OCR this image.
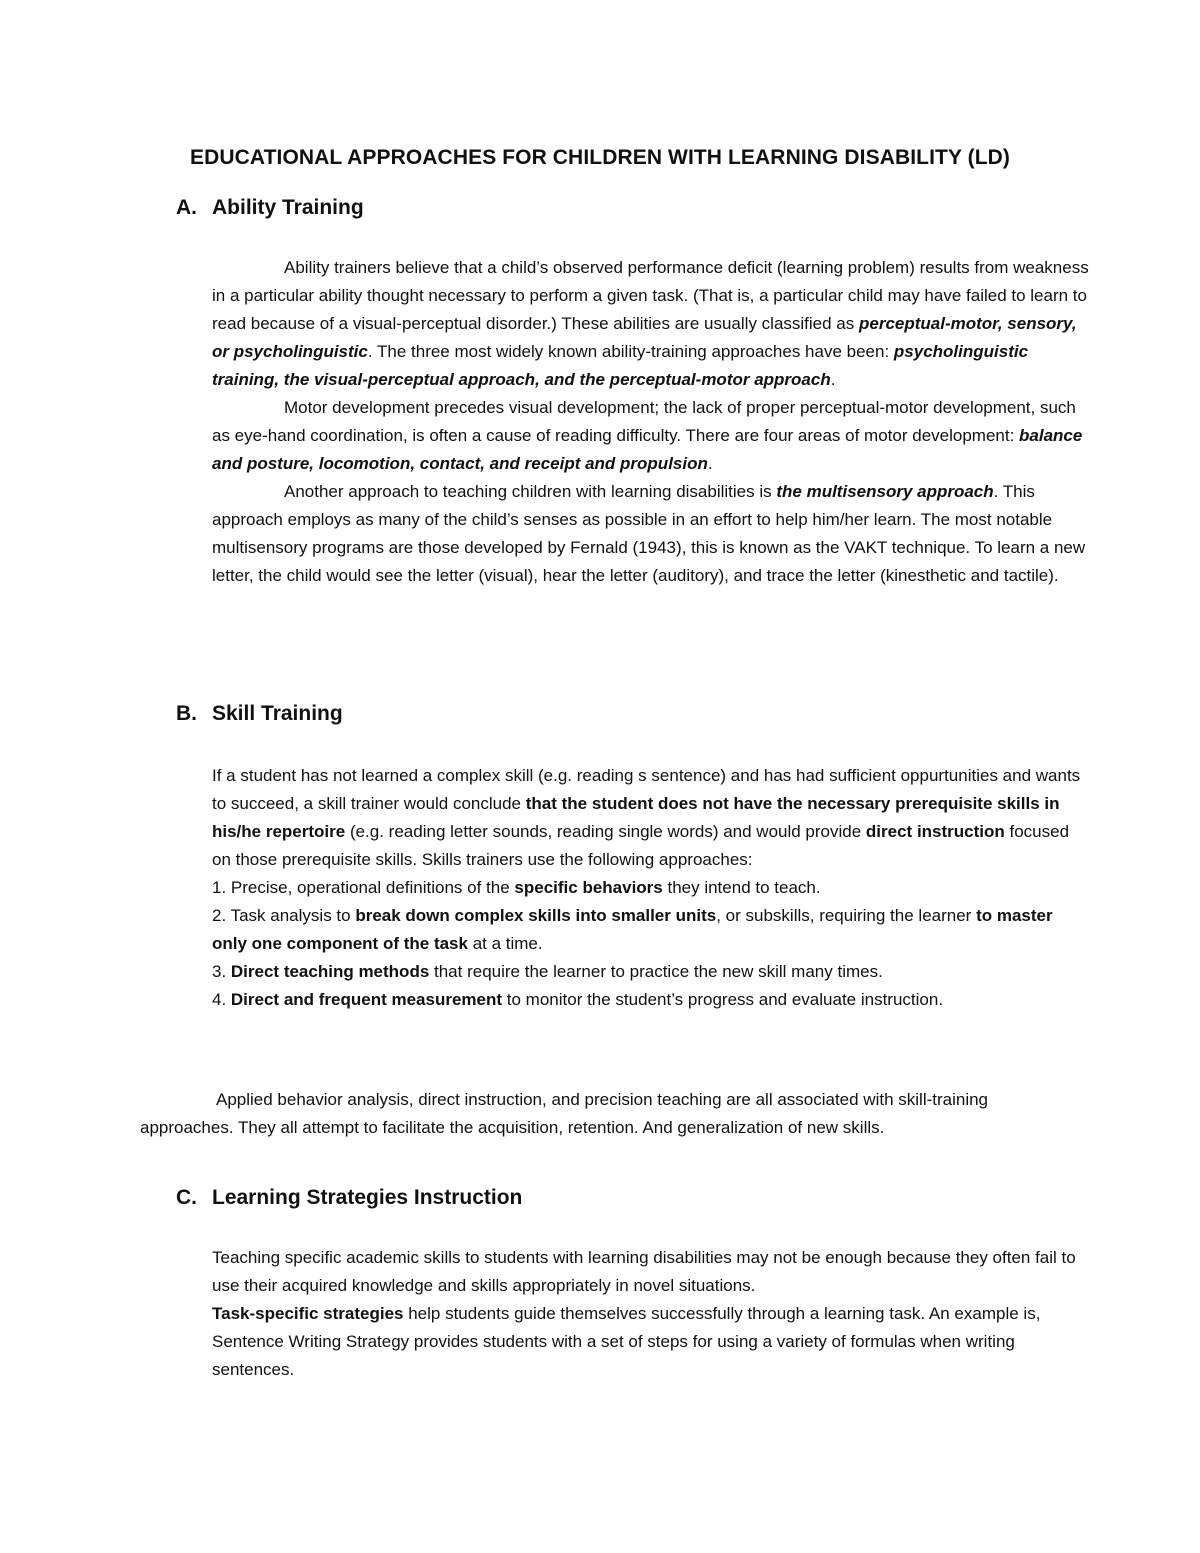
EDUCATIONAL APPROACHES FOR CHILDREN WITH LEARNING DISABILITY (LD)
A. Ability Training

Ability trainers believe that a child’s observed performance deficit (learning problem) results from weakness in a particular ability thought necessary to perform a given task. (That is, a particular child may have failed to learn to read because of a visual-perceptual disorder.) These abilities are usually classified as perceptual-motor, sensory, or psycholinguistic. The three most widely known ability-training approaches have been: psycholinguistic training, the visual-perceptual approach, and the perceptual-motor approach.

Motor development precedes visual development; the lack of proper perceptual-motor development, such as eye-hand coordination, is often a cause of reading difficulty. There are four areas of motor development: balance and posture, locomotion, contact, and receipt and propulsion.

Another approach to teaching children with learning disabilities is the multisensory approach. This approach employs as many of the child’s senses as possible in an effort to help him/her learn. The most notable multisensory programs are those developed by Fernald (1943), this is known as the VAKT technique. To learn a new letter, the child would see the letter (visual), hear the letter (auditory), and trace the letter (kinesthetic and tactile).

B. Skill Training

If a student has not learned a complex skill (e.g. reading s sentence) and has had sufficient oppurtunities and wants to succeed, a skill trainer would conclude that the student does not have the necessary prerequisite skills in his/he repertoire (e.g. reading letter sounds, reading single words) and would provide direct instruction focused on those prerequisite skills. Skills trainers use the following approaches:

1. Precise, operational definitions of the specific behaviors they intend to teach.

2. Task analysis to break down complex skills into smaller units, or subskills, requiring the learner to master only one component of the task at a time.

3. Direct teaching methods that require the learner to practice the new skill many times.

4. Direct and frequent measurement to monitor the student’s progress and evaluate instruction.

Applied behavior analysis, direct instruction, and precision teaching are all associated with skill-training approaches. They all attempt to facilitate the acquisition, retention. And generalization of new skills.

C. Learning Strategies Instruction

Teaching specific academic skills to students with learning disabilities may not be enough because they often fail to use their acquired knowledge and skills appropriately in novel situations.

Task-specific strategies help students guide themselves successfully through a learning task. An example is, Sentence Writing Strategy provides students with a set of steps for using a variety of formulas when writing sentences.
